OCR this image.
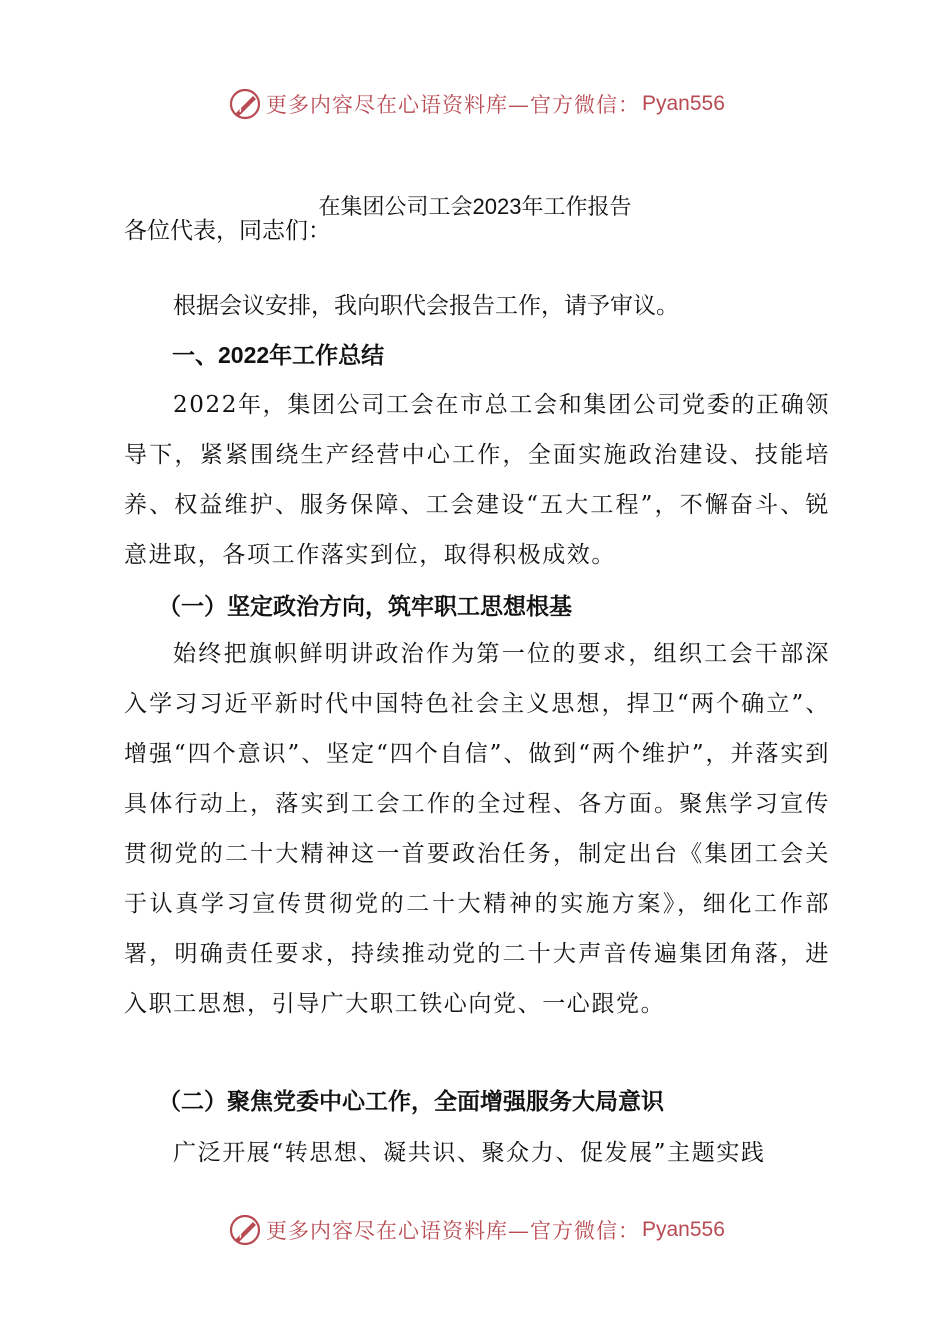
更多内容尽在心语资料库—官方微信： Pyan556
在集团公司工会2023年工作报告
各位代表，同志们：
根据会议安排，我向职代会报告工作，请予审议。
一、2022年工作总结
2022年，集团公司工会在市总工会和集团公司党委的正确领导下，紧紧围绕生产经营中心工作，全面实施政治建设、技能培养、权益维护、服务保障、工会建设“五大工程”，不懈奋斗、锐意进取，各项工作落实到位，取得积极成效。
（一）坚定政治方向，筑牢职工思想根基
始终把旗帜鲜明讲政治作为第一位的要求，组织工会干部深入学习习近平新时代中国特色社会主义思想，捍卫“两个确立”、增强“四个意识”、坚定“四个自信”、做到“两个维护”，并落实到具体行动上，落实到工会工作的全过程、各方面。聚焦学习宣传贯彻党的二十大精神这一首要政治任务，制定出台《集团工会关于认真学习宣传贯彻党的二十大精神的实施方案》，细化工作部署，明确责任要求，持续推动党的二十大声音传遍集团角落，进入职工思想，引导广大职工铁心向党、一心跟党。
（二）聚焦党委中心工作，全面增强服务大局意识
广泛开展“转思想、凝共识、聚众力、促发展”主题实践
更多内容尽在心语资料库—官方微信： Pyan556
